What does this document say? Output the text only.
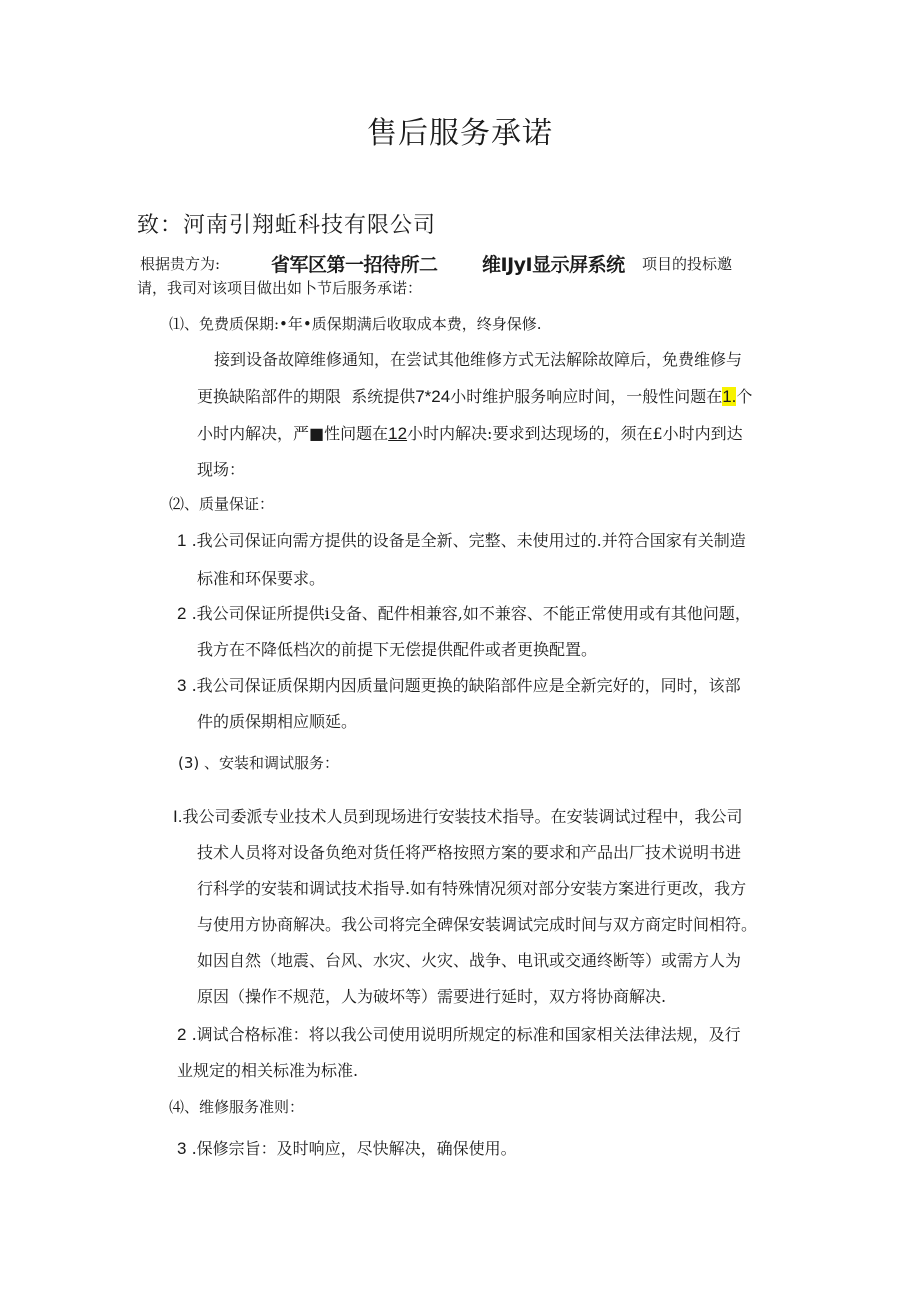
售后服务承诺
致：河南引翔蚯科技有限公司
根据贵方为:	省军区第一招待所二 维IJyI显示屏系统 项目的投标邀
请，我司对该项目做出如卜节后服务承诺：
⑴、免费质保期:•年•质保期满后收取成本费，终身保修.
接到设备故障维修通知，在尝试其他维修方式无法解除故障后，免费维修与
更换缺陷部件的期限 系统提供7*24小时维护服务响应时间，一般性问题在1.个
小时内解决，严■性问题在12小时内解决:要求到达现场的，须在£小时内到达
现场：
⑵、质量保证：
1 .我公司保证向需方提供的设备是全新、完整、未使用过的.并符合国家有关制造
标准和环保要求。
2 .我公司保证所提供i殳备、配件相兼容,如不兼容、不能正常使用或有其他问题，
我方在不降低档次的前提下无偿提供配件或者更换配置。
3 .我公司保证质保期内因质量问题更换的缺陷部件应是全新完好的，同时，该部
件的质保期相应顺延。
(3) 、安装和调试服务：
I.我公司委派专业技术人员到现场进行安装技术指导。在安装调试过程中，我公司
技术人员将对设备负绝对货任将严格按照方案的要求和产品出厂技术说明书进
行科学的安装和调试技术指导.如有特殊情况须对部分安装方案进行更改，我方
与使用方协商解决。我公司将完全碑保安装调试完成时间与双方商定时间相符。
如因自然（地震、台风、水灾、火灾、战争、电讯或交通终断等）或需方人为
原因（操作不规范，人为破坏等）需要进行延时，双方将协商解决.
2 .调试合格标准：将以我公司使用说明所规定的标准和国家相关法律法规，及行
业规定的相关标准为标准.
⑷、维修服务准则：
3 .保修宗旨：及时响应，尽快解决，确保使用。
